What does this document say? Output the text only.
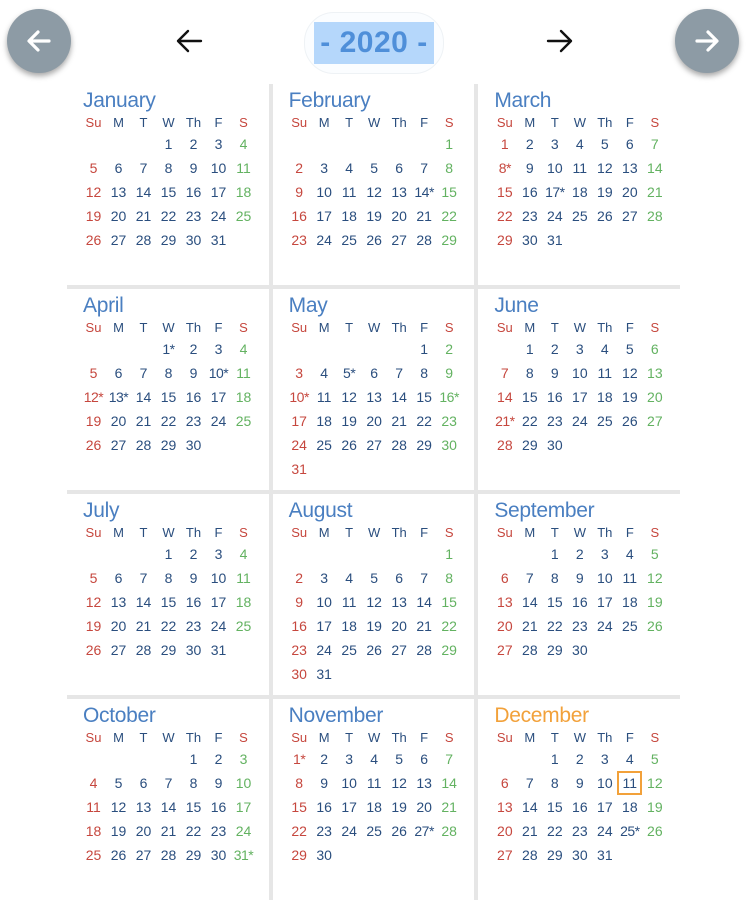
- 2020 -
January
Su	M	T	W	Th	F	S
			1	2	3	4
5	6	7	8	9	10	11
12	13	14	15	16	17	18
19	20	21	22	23	24	25
26	27	28	29	30	31	
February
Su	M	T	W	Th	F	S
						1
2	3	4	5	6	7	8
9	10	11	12	13	14*	15
16	17	18	19	20	21	22
23	24	25	26	27	28	29
March
Su	M	T	W	Th	F	S
1	2	3	4	5	6	7
8*	9	10	11	12	13	14
15	16	17*	18	19	20	21
22	23	24	25	26	27	28
29	30	31				
April
Su	M	T	W	Th	F	S
			1*	2	3	4
5	6	7	8	9	10*	11
12*	13*	14	15	16	17	18
19	20	21	22	23	24	25
26	27	28	29	30		
May
Su	M	T	W	Th	F	S
					1	2
3	4	5*	6	7	8	9
10*	11	12	13	14	15	16*
17	18	19	20	21	22	23
24	25	26	27	28	29	30
31						
June
Su	M	T	W	Th	F	S
	1	2	3	4	5	6
7	8	9	10	11	12	13
14	15	16	17	18	19	20
21*	22	23	24	25	26	27
28	29	30				
July
Su	M	T	W	Th	F	S
			1	2	3	4
5	6	7	8	9	10	11
12	13	14	15	16	17	18
19	20	21	22	23	24	25
26	27	28	29	30	31	
August
Su	M	T	W	Th	F	S
						1
2	3	4	5	6	7	8
9	10	11	12	13	14	15
16	17	18	19	20	21	22
23	24	25	26	27	28	29
30	31					
September
Su	M	T	W	Th	F	S
		1	2	3	4	5
6	7	8	9	10	11	12
13	14	15	16	17	18	19
20	21	22	23	24	25	26
27	28	29	30			
October
Su	M	T	W	Th	F	S
				1	2	3
4	5	6	7	8	9	10
11	12	13	14	15	16	17
18	19	20	21	22	23	24
25	26	27	28	29	30	31*
November
Su	M	T	W	Th	F	S
1*	2	3	4	5	6	7
8	9	10	11	12	13	14
15	16	17	18	19	20	21
22	23	24	25	26	27*	28
29	30					
December
Su	M	T	W	Th	F	S
		1	2	3	4	5
6	7	8	9	10	11	12
13	14	15	16	17	18	19
20	21	22	23	24	25*	26
27	28	29	30	31		
